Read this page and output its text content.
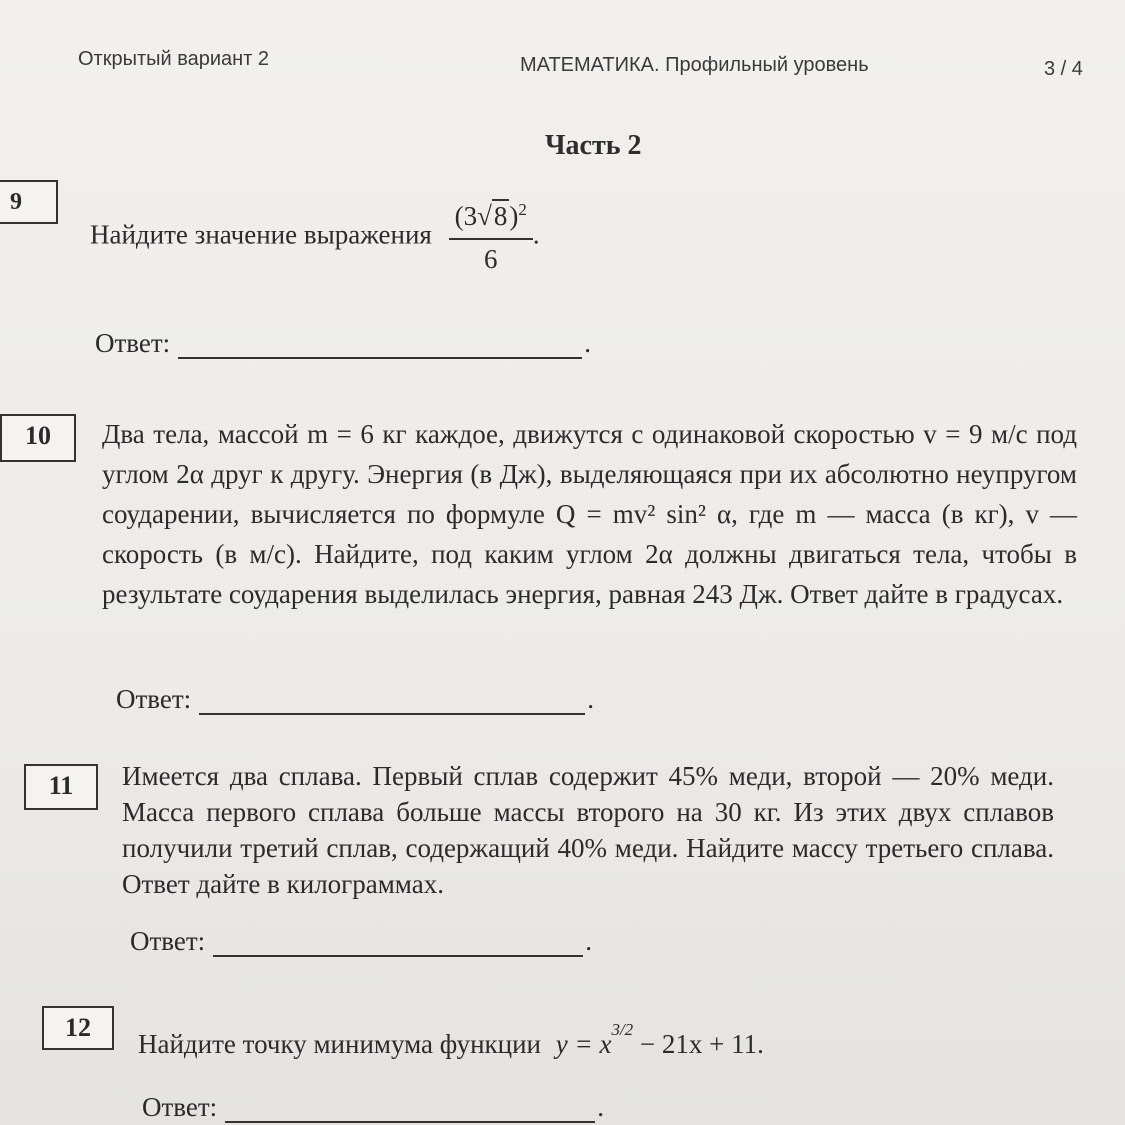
Открытый вариант 2	МАТЕМАТИКА. Профильный уровень	3 / 4
Часть 2
9
Найдите значение выражения $\frac{(3√8)^2}{6}$ .
Ответ:	.
10	Два тела, массой m = 6 кг каждое, движутся с одинаковой скоростью v = 9 м/с под углом 2α друг к другу. Энергия (в Дж), выделяющаяся при их абсолютно неупругом соударении, вычисляется по формуле Q = mv² sin² α, где m — масса (в кг), v — скорость (в м/с). Найдите, под каким углом 2α должны двигаться тела, чтобы в результате соударения выделилась энергия, равная 243 Дж. Ответ дайте в градусах.
Ответ:	.
11	Имеется два сплава. Первый сплав содержит 45% меди, второй — 20% меди. Масса первого сплава больше массы второго на 30 кг. Из этих двух сплавов получили третий сплав, содержащий 40% меди. Найдите массу третьего сплава. Ответ дайте в килограммах.
Ответ:	.
12
Найдите точку минимума функции $y = x^{3/2} - 21x + 11$.
Ответ:	.
